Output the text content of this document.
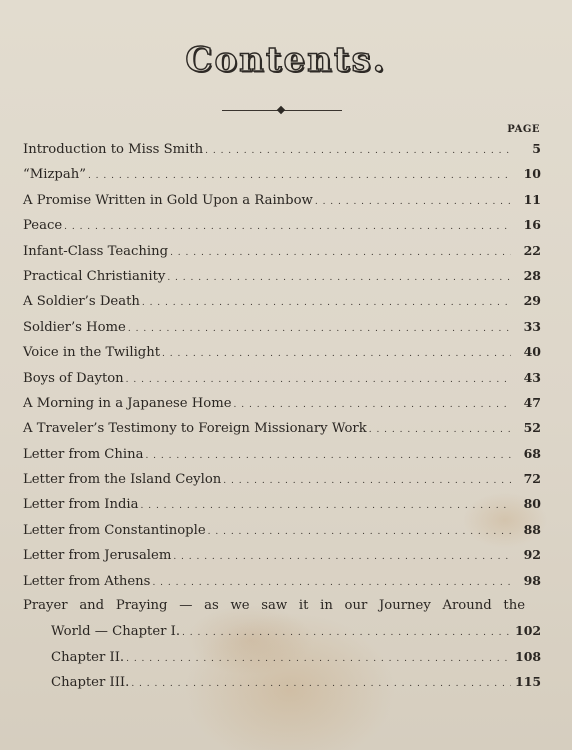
Contents.
PAGE
Introduction to Miss Smith . . .	5
“Mizpah” . . .	10
A Promise Written in Gold Upon a Rainbow . . .	11
Peace . . .	16
Infant-Class Teaching . . .	22
Practical Christianity . . .	28
A Soldier’s Death . . .	29
Soldier’s Home . . .	33
Voice in the Twilight . . .	40
Boys of Dayton . . .	43
A Morning in a Japanese Home . . .	47
A Traveler’s Testimony to Foreign Missionary Work . . .	52
Letter from China . . .	68
Letter from the Island Ceylon . . .	72
Letter from India . . .	80
Letter from Constantinople . . .	88
Letter from Jerusalem . . .	92
Letter from Athens . . .	98
Prayer and Praying — as we saw it in our Journey Around the
World — Chapter I. . . .	102
Chapter II. . . .	108
Chapter III. . . .	115
